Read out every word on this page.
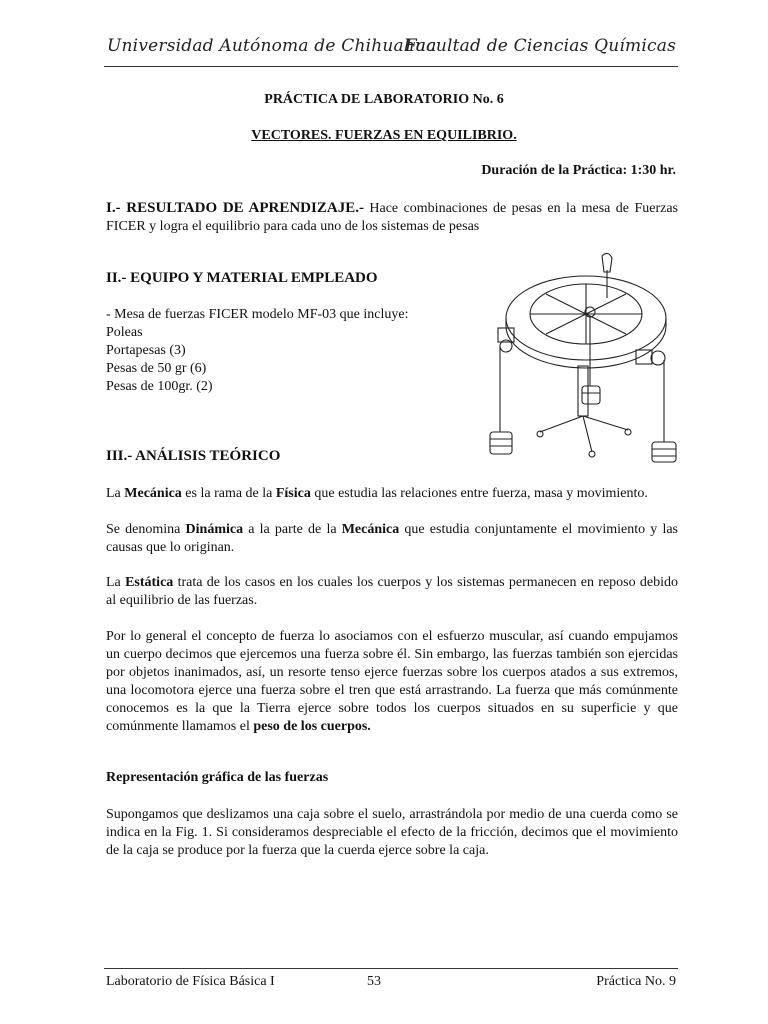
Universidad Autónoma de Chihuahua
Facultad de Ciencias Químicas
PRÁCTICA DE LABORATORIO No. 6
VECTORES. FUERZAS EN EQUILIBRIO.
Duración de la Práctica: 1:30 hr.
I.- RESULTADO DE APRENDIZAJE.- Hace combinaciones de pesas en la mesa de Fuerzas FICER y logra el equilibrio para cada uno de los sistemas de pesas
II.- EQUIPO Y MATERIAL EMPLEADO
- Mesa de fuerzas FICER modelo MF-03 que incluye:
Poleas
Portapesas (3)
Pesas de 50 gr (6)
Pesas de 100gr. (2)
III.- ANÁLISIS TEÓRICO
La Mecánica es la rama de la Física que estudia las relaciones entre fuerza, masa y movimiento.
Se denomina Dinámica a la parte de la Mecánica que estudia conjuntamente el movimiento y las causas que lo originan.
La Estática trata de los casos en los cuales los cuerpos y los sistemas permanecen en reposo debido al equilibrio de las fuerzas.
Por lo general el concepto de fuerza lo asociamos con el esfuerzo muscular, así cuando empujamos un cuerpo decimos que ejercemos una fuerza sobre él. Sin embargo, las fuerzas también son ejercidas por objetos inanimados, así, un resorte tenso ejerce fuerzas sobre los cuerpos atados a sus extremos, una locomotora ejerce una fuerza sobre el tren que está arrastrando. La fuerza que más comúnmente conocemos es la que la Tierra ejerce sobre todos los cuerpos situados en su superficie y que comúnmente llamamos el peso de los cuerpos.
Representación gráfica de las fuerzas
Supongamos que deslizamos una caja sobre el suelo, arrastrándola por medio de una cuerda como se indica en la Fig. 1. Si consideramos despreciable el efecto de la fricción, decimos que el movimiento de la caja se produce por la fuerza que la cuerda ejerce sobre la caja.
Laboratorio de Física Básica I	53	Práctica No. 9
